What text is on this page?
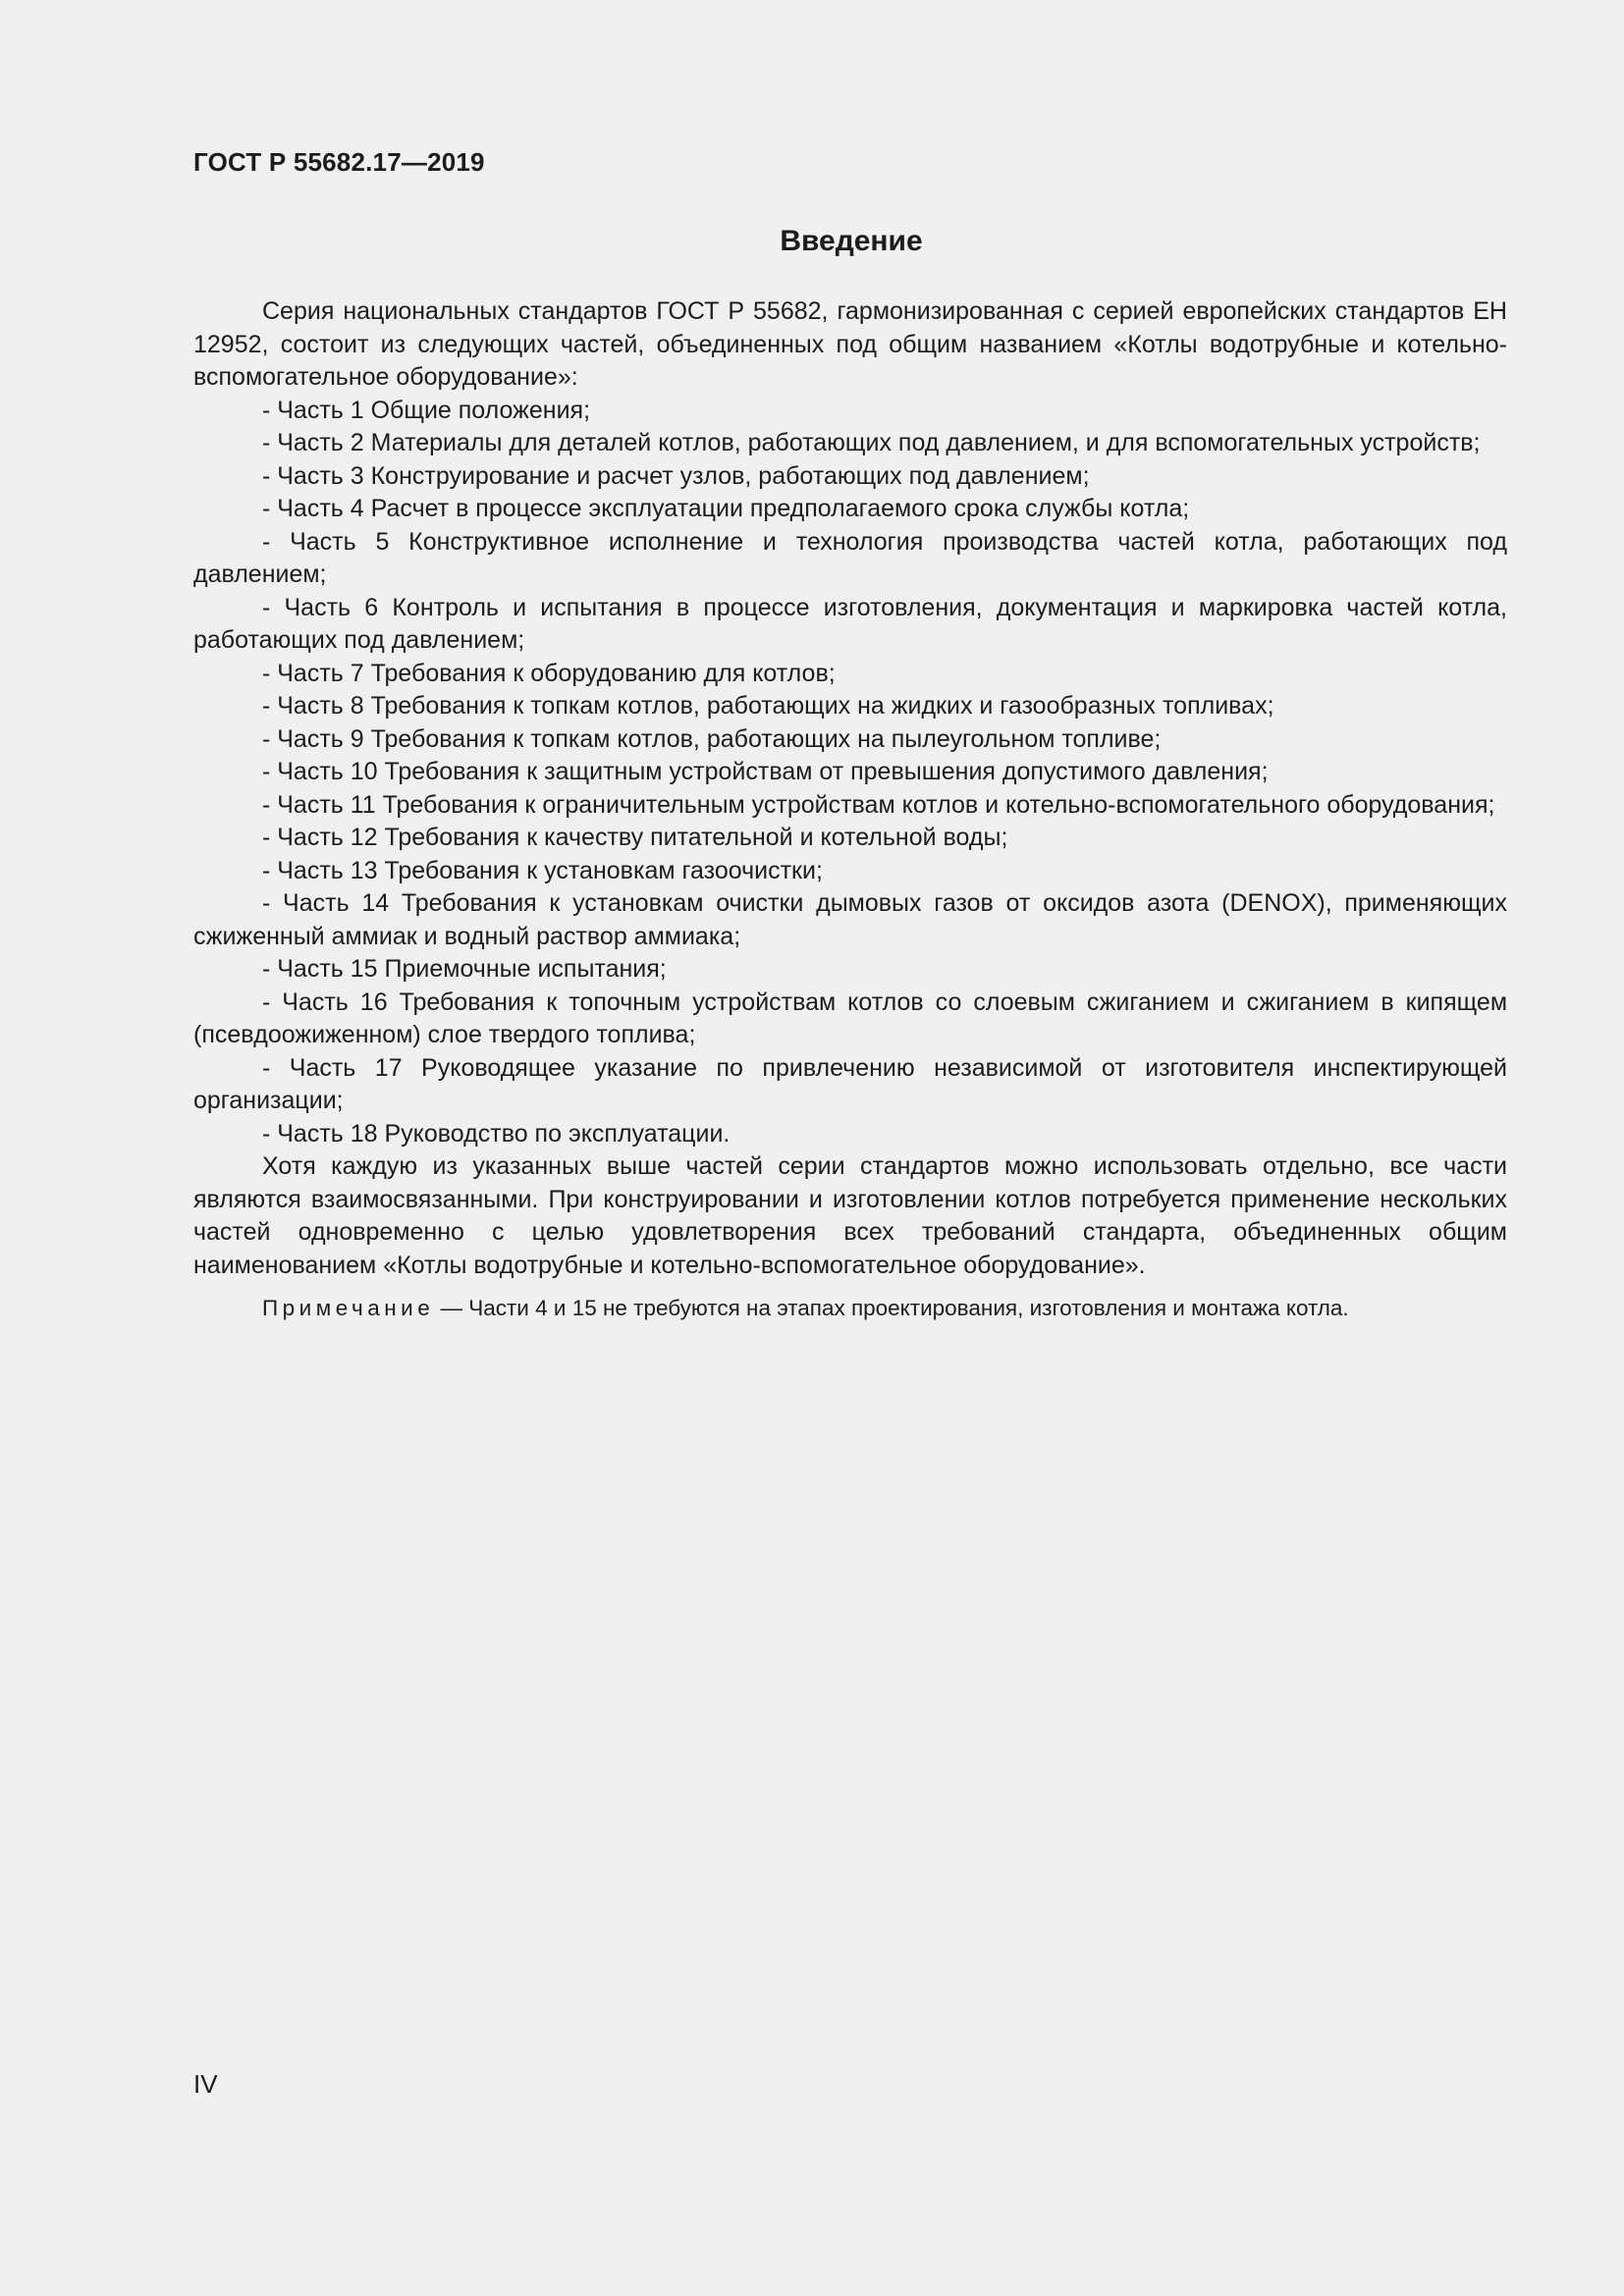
ГОСТ Р 55682.17—2019
Введение

Серия национальных стандартов ГОСТ Р 55682, гармонизированная с серией европейских стандартов ЕН 12952, состоит из следующих частей, объединенных под общим названием «Котлы водотрубные и котельно-вспомогательное оборудование»:

- Часть 1 Общие положения;

- Часть 2 Материалы для деталей котлов, работающих под давлением, и для вспомогательных устройств;

- Часть 3 Конструирование и расчет узлов, работающих под давлением;

- Часть 4 Расчет в процессе эксплуатации предполагаемого срока службы котла;

- Часть 5 Конструктивное исполнение и технология производства частей котла, работающих под давлением;

- Часть 6 Контроль и испытания в процессе изготовления, документация и маркировка частей котла, работающих под давлением;

- Часть 7 Требования к оборудованию для котлов;

- Часть 8 Требования к топкам котлов, работающих на жидких и газообразных топливах;

- Часть 9 Требования к топкам котлов, работающих на пылеугольном топливе;

- Часть 10 Требования к защитным устройствам от превышения допустимого давления;

- Часть 11 Требования к ограничительным устройствам котлов и котельно-вспомогательного оборудования;

- Часть 12 Требования к качеству питательной и котельной воды;

- Часть 13 Требования к установкам газоочистки;

- Часть 14 Требования к установкам очистки дымовых газов от оксидов азота (DENOX), применяющих сжиженный аммиак и водный раствор аммиака;

- Часть 15 Приемочные испытания;

- Часть 16 Требования к топочным устройствам котлов со слоевым сжиганием и сжиганием в кипящем (псевдоожиженном) слое твердого топлива;

- Часть 17 Руководящее указание по привлечению независимой от изготовителя инспектирующей организации;

- Часть 18 Руководство по эксплуатации.

Хотя каждую из указанных выше частей серии стандартов можно использовать отдельно, все части являются взаимосвязанными. При конструировании и изготовлении котлов потребуется применение нескольких частей одновременно с целью удовлетворения всех требований стандарта, объединенных общим наименованием «Котлы водотрубные и котельно-вспомогательное оборудование».

Примечание — Части 4 и 15 не требуются на этапах проектирования, изготовления и монтажа котла.

IV
